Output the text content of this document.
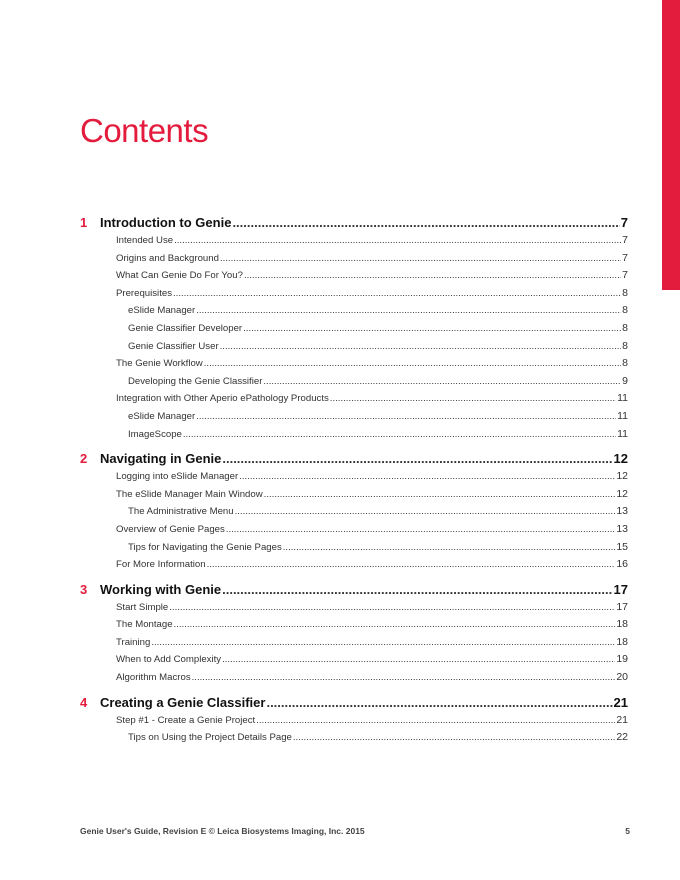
Contents
1 Introduction to Genie .....	7
Intended Use .....	7
Origins and Background .....	7
What Can Genie Do For You? .....	7
Prerequisites .....	8
eSlide Manager .....	8
Genie Classifier Developer .....	8
Genie Classifier User .....	8
The Genie Workflow .....	8
Developing the Genie Classifier .....	9
Integration with Other Aperio ePathology Products .....	11
eSlide Manager .....	11
ImageScope .....	11
2 Navigating in Genie .....	12
Logging into eSlide Manager .....	12
The eSlide Manager Main Window .....	12
The Administrative Menu .....	13
Overview of Genie Pages .....	13
Tips for Navigating the Genie Pages .....	15
For More Information .....	16
3 Working with Genie .....	17
Start Simple .....	17
The Montage .....	18
Training .....	18
When to Add Complexity .....	19
Algorithm Macros .....	20
4 Creating a Genie Classifier .....	21
Step #1 - Create a Genie Project .....	21
Tips on Using the Project Details Page .....	22
Genie User's Guide, Revision E © Leica Biosystems Imaging, Inc. 2015	5
